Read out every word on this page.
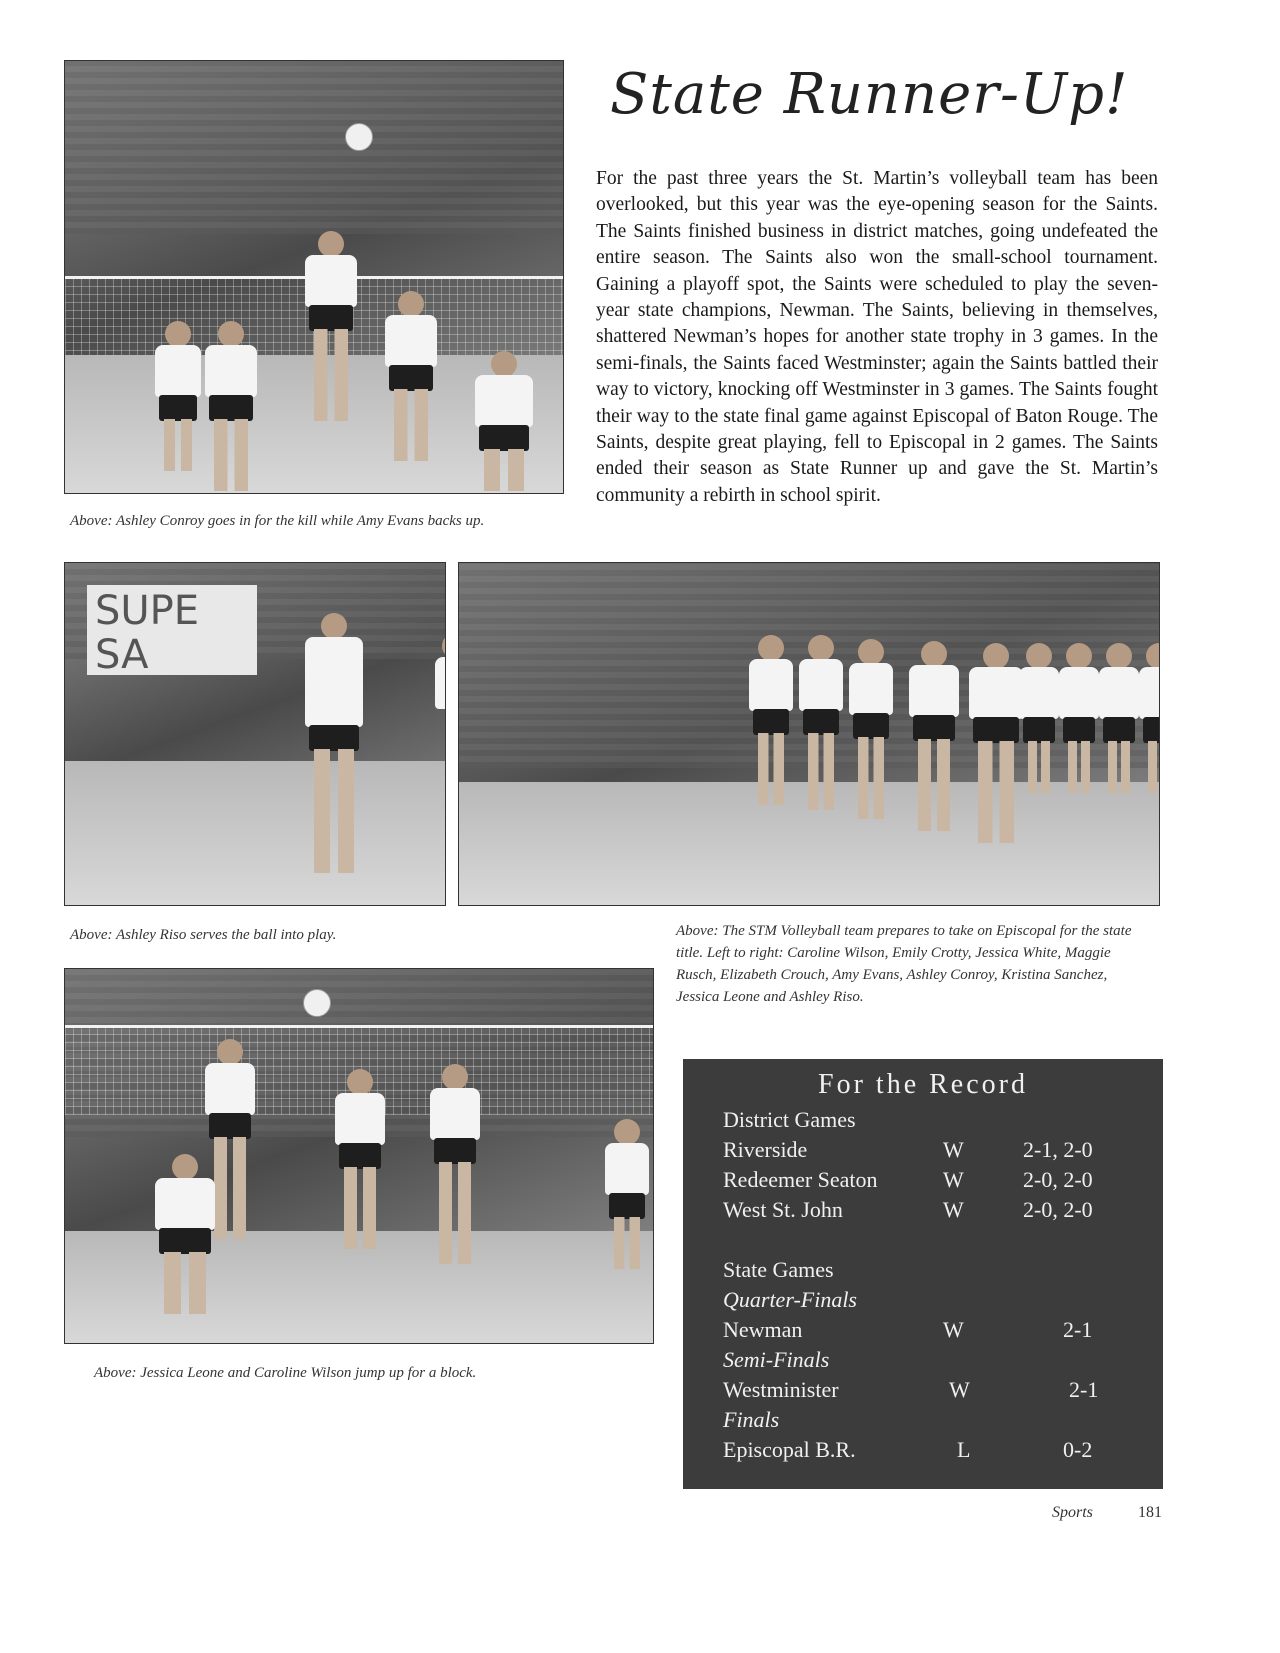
Above: Ashley Conroy goes in for the kill while Amy Evans backs up.
State Runner-Up!
For the past three years the St. Martin’s volleyball team has been overlooked, but this year was the eye-opening season for the Saints. The Saints finished business in district matches, going undefeated the entire season. The Saints also won the small-school tournament. Gaining a playoff spot, the Saints were scheduled to play the seven-year state champions, Newman. The Saints, believing in themselves, shattered Newman’s hopes for another state trophy in 3 games. In the semi-finals, the Saints faced Westminster; again the Saints battled their way to victory, knocking off Westminster in 3 games. The Saints fought their way to the state final game against Episcopal of Baton Rouge. The Saints, despite great playing, fell to Episcopal in 2 games. The Saints ended their season as State Runner up and gave the St. Martin’s community a rebirth in school spirit.
SUPE SA
Above: Ashley Riso serves the ball into play.	Above: The STM Volleyball team prepares to take on Episcopal for the state title. Left to right: Caroline Wilson, Emily Crotty, Jessica White, Maggie Rusch, Elizabeth Crouch, Amy Evans, Ashley Conroy, Kristina Sanchez, Jessica Leone and Ashley Riso.
Above: Jessica Leone and Caroline Wilson jump up for a block.
For the Record
District Games
Riverside	W	2-1, 2-0
Redeemer Seaton	W	2-0, 2-0
West St. John	W	2-0, 2-0
State Games
Quarter-Finals
Newman	W	2-1
Semi-Finals
Westminister	W	2-1
Finals
Episcopal B.R.	L	0-2
Sports	181
